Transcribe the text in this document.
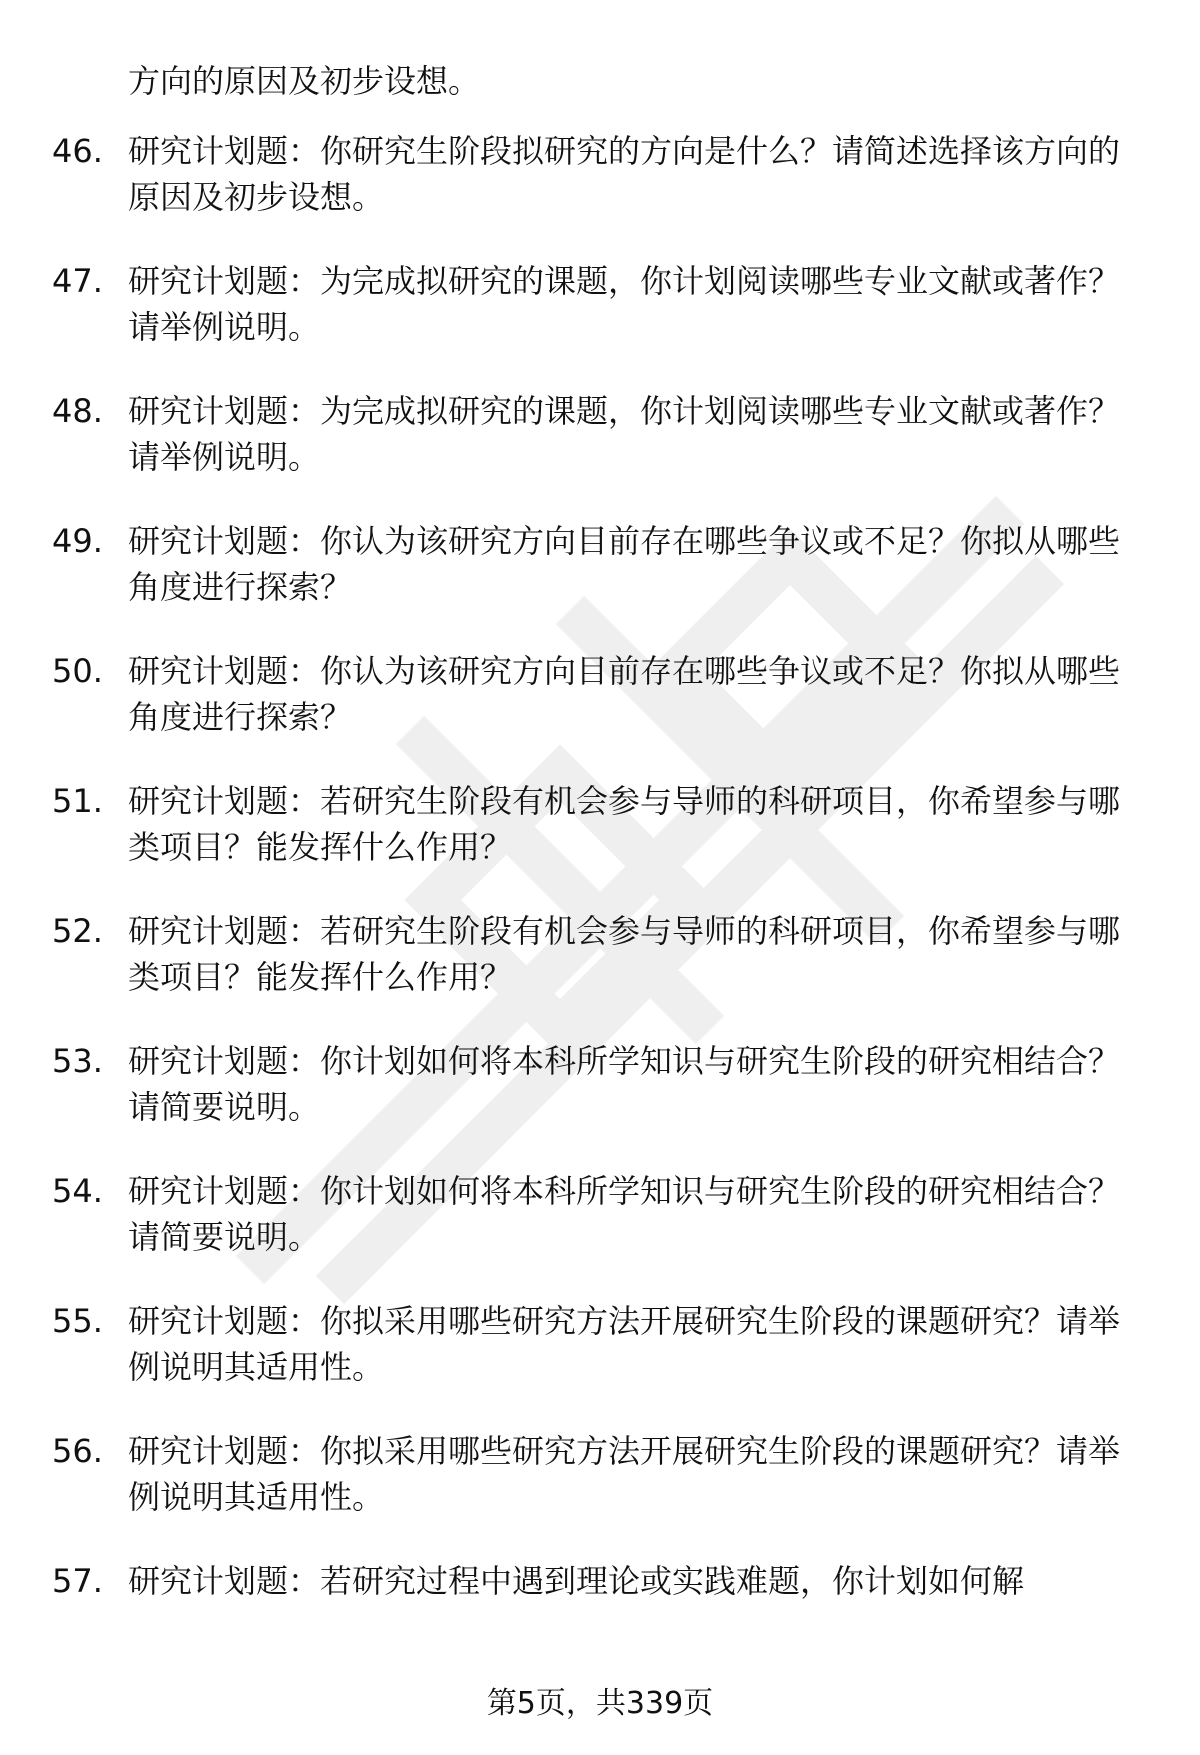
方向的原因及初步设想。

46. 研究计划题：你研究生阶段拟研究的方向是什么？请简述选择该方向的原因及初步设想。
47. 研究计划题：为完成拟研究的课题，你计划阅读哪些专业文献或著作？请举例说明。
48. 研究计划题：为完成拟研究的课题，你计划阅读哪些专业文献或著作？请举例说明。
49. 研究计划题：你认为该研究方向目前存在哪些争议或不足？你拟从哪些角度进行探索？
50. 研究计划题：你认为该研究方向目前存在哪些争议或不足？你拟从哪些角度进行探索？
51. 研究计划题：若研究生阶段有机会参与导师的科研项目，你希望参与哪类项目？能发挥什么作用？
52. 研究计划题：若研究生阶段有机会参与导师的科研项目，你希望参与哪类项目？能发挥什么作用？
53. 研究计划题：你计划如何将本科所学知识与研究生阶段的研究相结合？请简要说明。
54. 研究计划题：你计划如何将本科所学知识与研究生阶段的研究相结合？请简要说明。
55. 研究计划题：你拟采用哪些研究方法开展研究生阶段的课题研究？请举例说明其适用性。
56. 研究计划题：你拟采用哪些研究方法开展研究生阶段的课题研究？请举例说明其适用性。
57. 研究计划题：若研究过程中遇到理论或实践难题，你计划如何解
第5页，共339页
